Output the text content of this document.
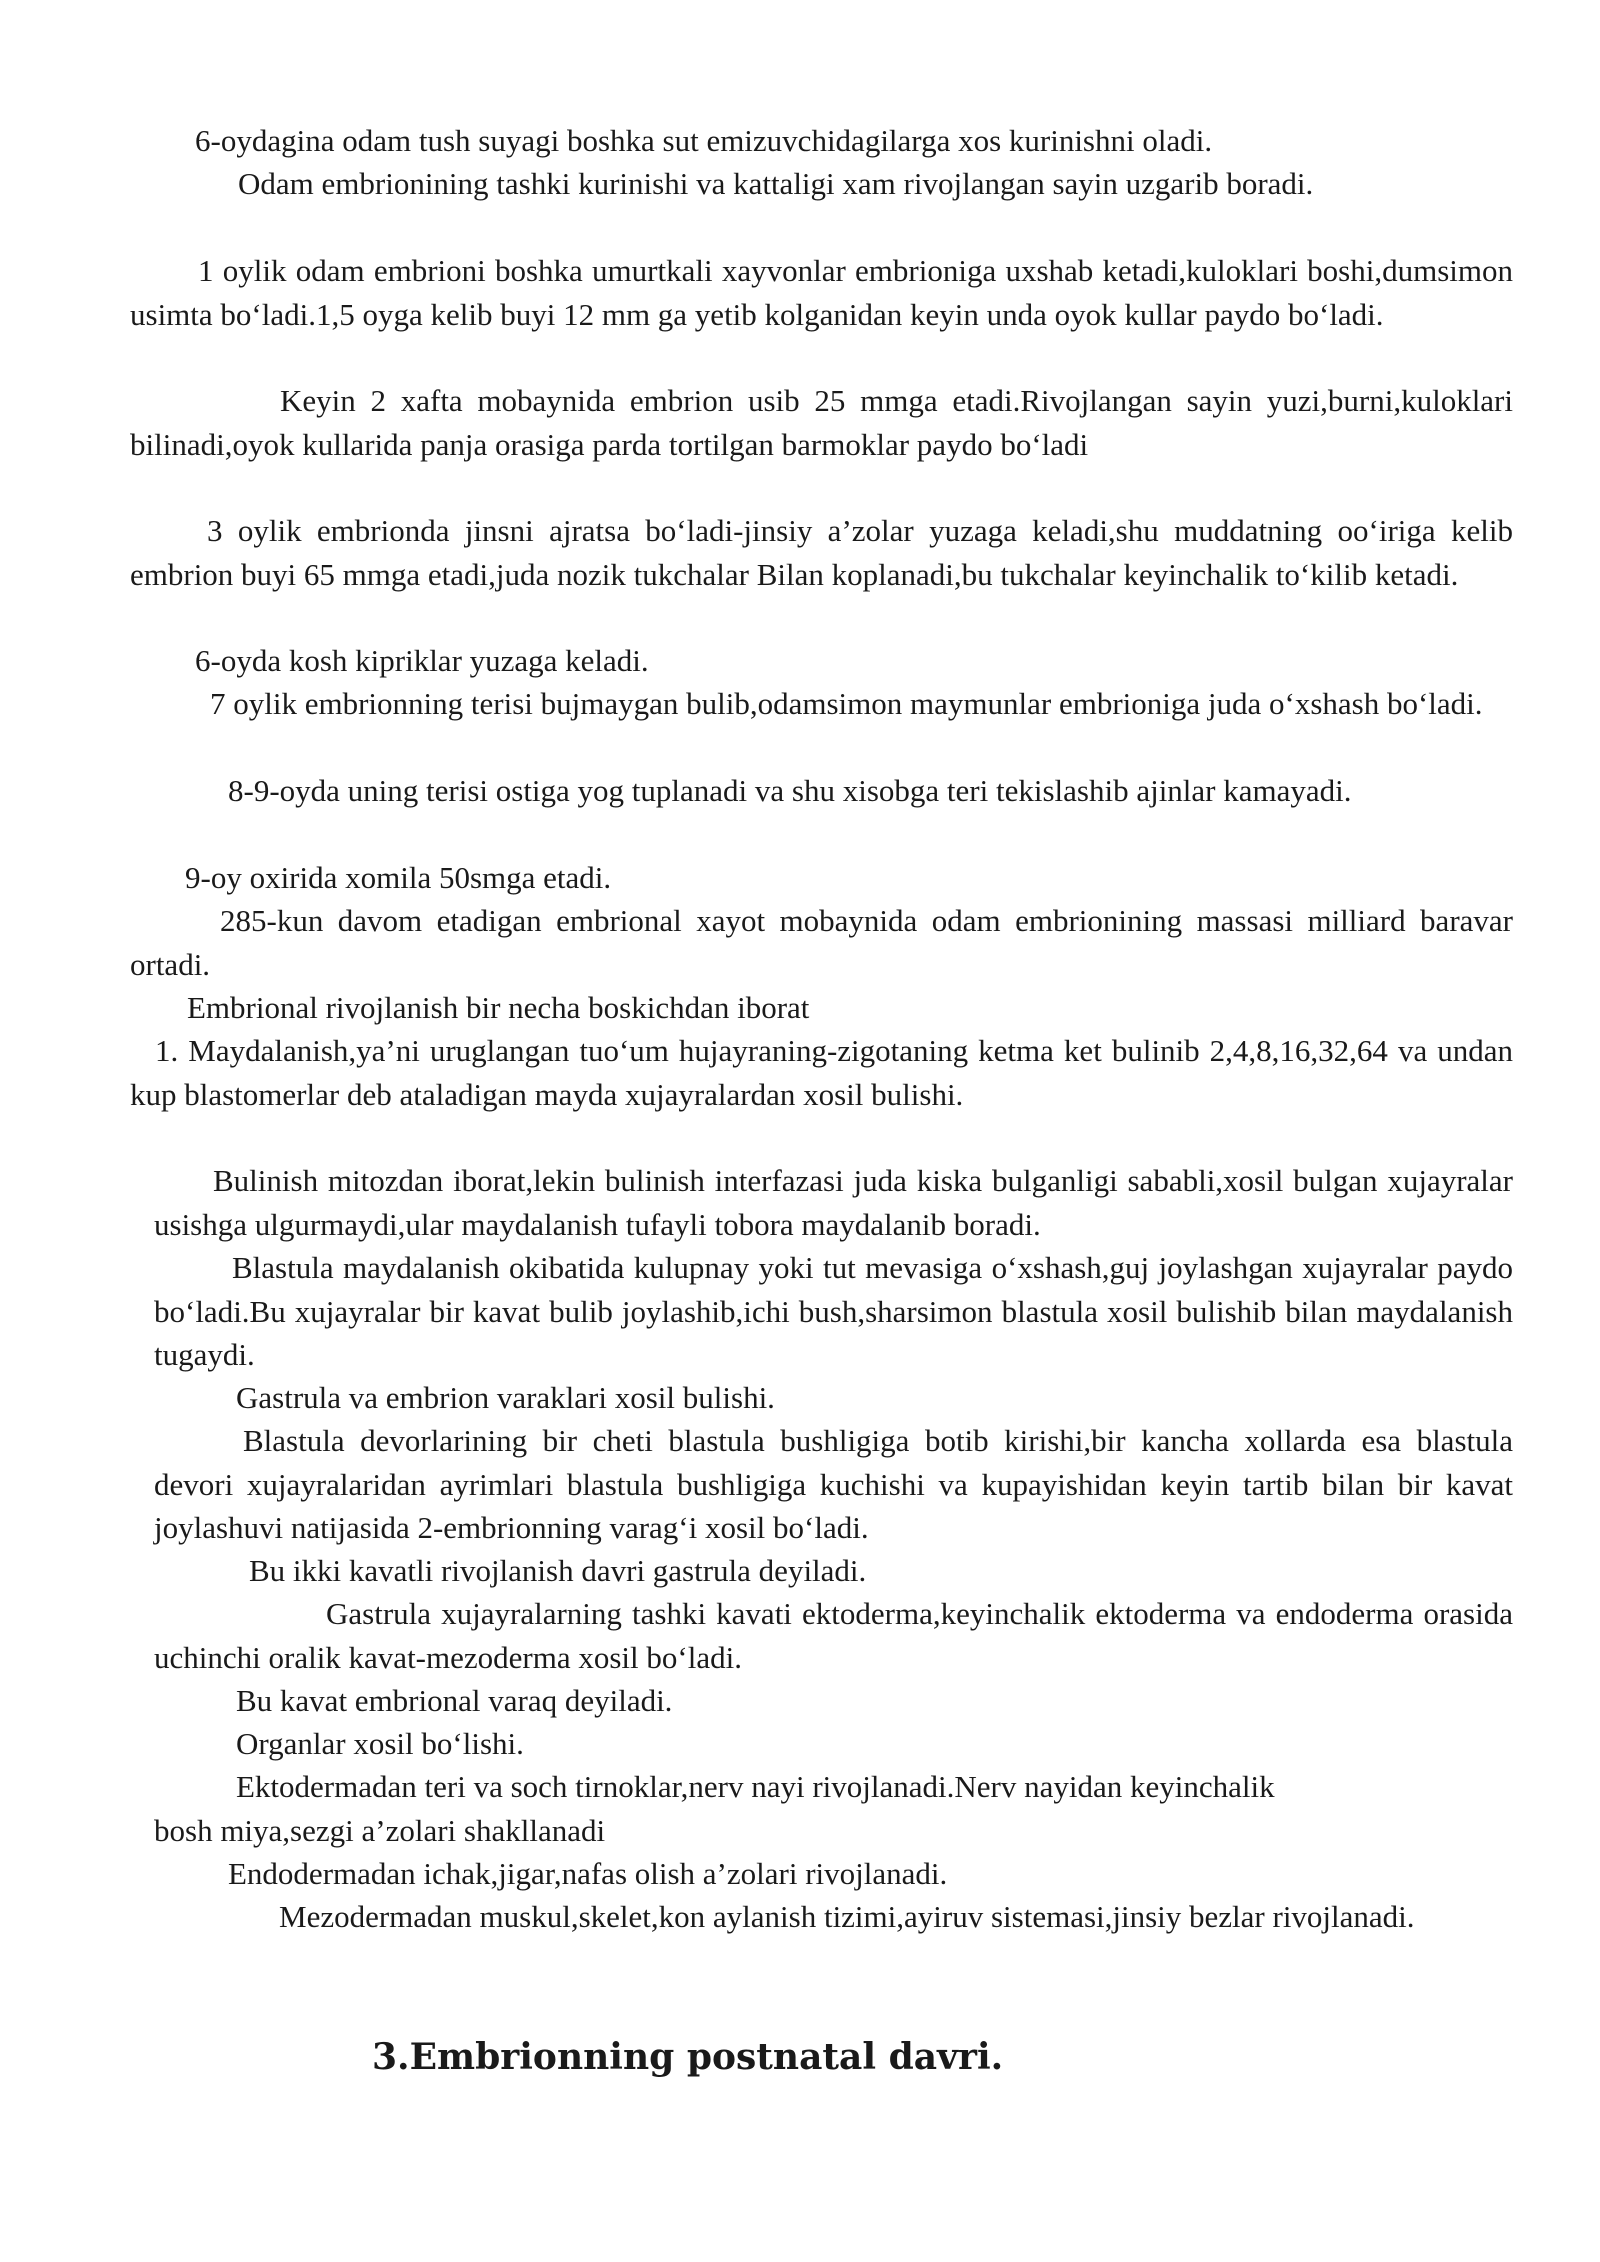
6-oydagina odam tush suyagi boshka sut emizuvchidagilarga xos kurinishni oladi.

Odam embrionining tashki kurinishi va kattaligi xam rivojlangan sayin uzgarib boradi.

1 oylik odam embrioni boshka umurtkali xayvonlar embrioniga uxshab ketadi,kuloklari boshi,dumsimon usimta bo‘ladi.1,5 oyga kelib buyi 12 mm ga yetib kolganidan keyin unda oyok kullar paydo bo‘ladi.

Keyin 2 xafta mobaynida embrion usib 25 mmga etadi.Rivojlangan sayin yuzi,burni,kuloklari bilinadi,oyok kullarida panja orasiga parda tortilgan barmoklar paydo bo‘ladi

3 oylik embrionda jinsni ajratsa bo‘ladi-jinsiy a’zolar yuzaga keladi,shu muddatning oo‘iriga kelib embrion buyi 65 mmga etadi,juda nozik tukchalar Bilan koplanadi,bu tukchalar keyinchalik to‘kilib ketadi.

6-oyda kosh kipriklar yuzaga keladi.

7 oylik embrionning terisi bujmaygan bulib,odamsimon maymunlar embrioniga juda o‘xshash bo‘ladi.

8-9-oyda uning terisi ostiga yog tuplanadi va shu xisobga teri tekislashib ajinlar kamayadi.

9-oy oxirida xomila 50smga etadi.

285-kun davom etadigan embrional xayot mobaynida odam embrionining massasi milliard baravar ortadi.

Embrional rivojlanish bir necha boskichdan iborat

1. Maydalanish,ya’ni uruglangan tuo‘um hujayraning-zigotaning ketma ket bulinib 2,4,8,16,32,64 va undan kup blastomerlar deb ataladigan mayda xujayralardan xosil bulishi.

Bulinish mitozdan iborat,lekin bulinish interfazasi juda kiska bulganligi sababli,xosil bulgan xujayralar usishga ulgurmaydi,ular maydalanish tufayli tobora maydalanib boradi.

Blastula maydalanish okibatida kulupnay yoki tut mevasiga o‘xshash,guj joylashgan xujayralar paydo bo‘ladi.Bu xujayralar bir kavat bulib joylashib,ichi bush,sharsimon blastula xosil bulishib bilan maydalanish tugaydi.

Gastrula va embrion varaklari xosil bulishi.

Blastula devorlarining bir cheti blastula bushligiga botib kirishi,bir kancha xollarda esa blastula devori xujayralaridan ayrimlari blastula bushligiga kuchishi va kupayishidan keyin tartib bilan bir kavat joylashuvi natijasida 2-embrionning varag‘i xosil bo‘ladi.

Bu ikki kavatli rivojlanish davri gastrula deyiladi.

Gastrula xujayralarning tashki kavati ektoderma,keyinchalik ektoderma va endoderma orasida uchinchi oralik kavat-mezoderma xosil bo‘ladi.

Bu kavat embrional varaq deyiladi.

Organlar xosil bo‘lishi.

Ektodermadan teri va soch tirnoklar,nerv nayi rivojlanadi.Nerv nayidan keyinchalik bosh miya,sezgi a’zolari shakllanadi

Endodermadan ichak,jigar,nafas olish a’zolari rivojlanadi.

Mezodermadan muskul,skelet,kon aylanish tizimi,ayiruv sistemasi,jinsiy bezlar rivojlanadi.

3.Embrionning postnatal davri.
